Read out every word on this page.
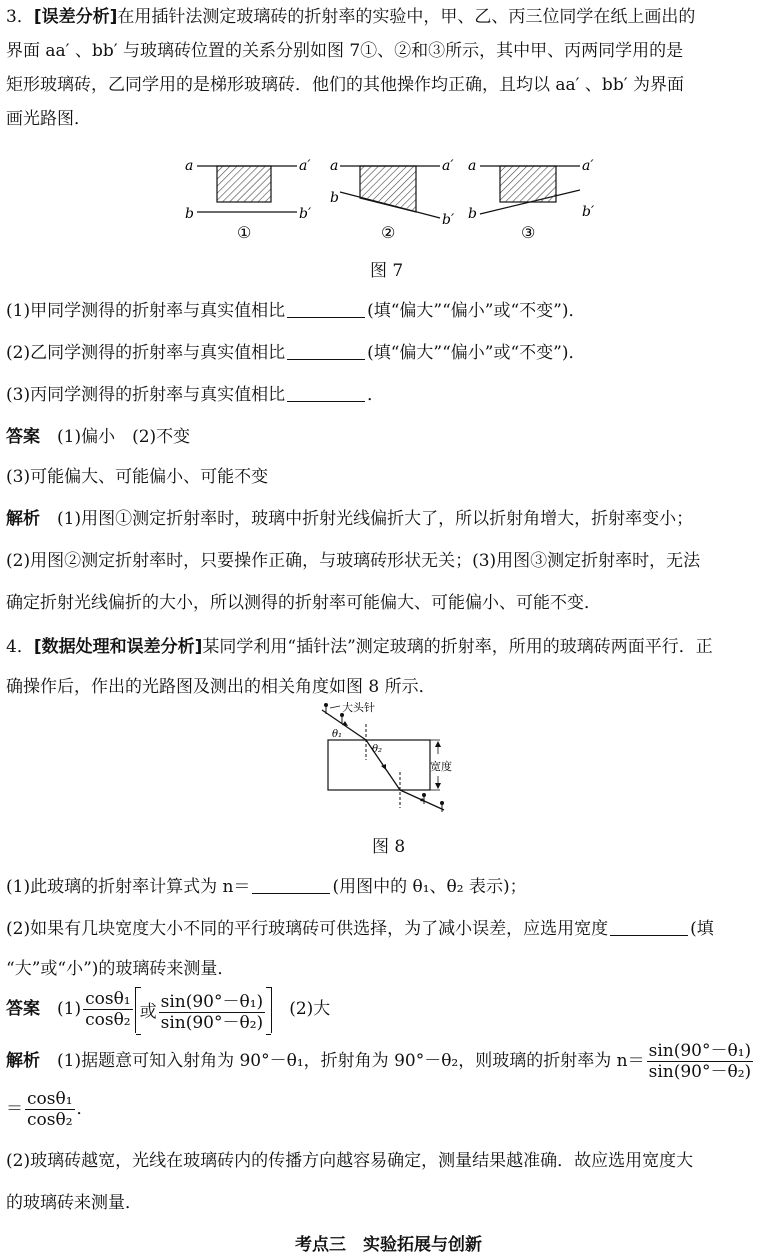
3．[误差分析]在用插针法测定玻璃砖的折射率的实验中，甲、乙、丙三位同学在纸上画出的
界面 aa′ 、bb′ 与玻璃砖位置的关系分别如图 7①、②和③所示，其中甲、丙两同学用的是
矩形玻璃砖，乙同学用的是梯形玻璃砖．他们的其他操作均正确，且均以 aa′ 、bb′ 为界面
画光路图．
a	a′
b	b′
①
a	a′
b
b′
②
a	a′
b	b′
③
图 7
(1)甲同学测得的折射率与真实值相比	(填“偏大”“偏小”或“不变”)．
(2)乙同学测得的折射率与真实值相比	(填“偏大”“偏小”或“不变”)．
(3)丙同学测得的折射率与真实值相比	．
答案　 (1)偏小　(2)不变
(3)可能偏大、可能偏小、可能不变
解析　 (1)用图①测定折射率时，玻璃中折射光线偏折大了，所以折射角增大，折射率变小；
(2)用图②测定折射率时，只要操作正确，与玻璃砖形状无关；(3)用图③测定折射率时，无法
确定折射光线偏折的大小，所以测得的折射率可能偏大、可能偏小、可能不变．
4．[数据处理和误差分析]某同学利用“插针法”测定玻璃的折射率，所用的玻璃砖两面平行．正
确操作后，作出的光路图及测出的相关角度如图 8 所示．
大头针
θ₁
θ₂
宽度
图 8
(1)此玻璃的折射率计算式为 n＝	(用图中的 θ₁、θ₂ 表示)；
(2)如果有几块宽度大小不同的平行玻璃砖可供选择，为了减小误差，应选用宽度	(填
“大”或“小”)的玻璃砖来测量．
答案　 $(1) \frac{\text{cosθ₁}}{\text{cosθ₂}}$ 或 $\frac{\text{sin(90°－θ₁)}}{\text{sin(90°－θ₂)}}$
　 (2)大
解析　 (1)据题意可知入射角为 90°－θ₁，折射角为 90°－θ₂，则玻璃的折射率为 $n= \frac{\text{sin(90°－θ₁)}}{\text{sin(90°－θ₂)}}$
＝ $\frac{\text{cosθ₁}}{\text{cosθ₂}}$ ．
(2)玻璃砖越宽，光线在玻璃砖内的传播方向越容易确定，测量结果越准确．故应选用宽度大
的玻璃砖来测量．
考点三　实验拓展与创新
